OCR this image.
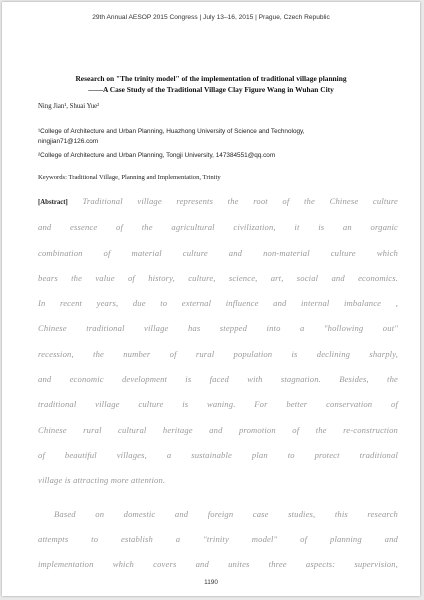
29th Annual AESOP 2015 Congress | July 13–16, 2015 | Prague, Czech Republic
Research on "The trinity model" of the implementation of traditional village planning
——A Case Study of the Traditional Village Clay Figure Wang in Wuhan City
Ning Jian¹, Shuai Yue²
¹College of Architecture and Urban Planning, Huazhong University of Science and Technology,
ningjian71@126.com
²College of Architecture and Urban Planning, Tongji University, 147384551@qq.com
Keywords: Traditional Village, Planning and Implementation, Trinity
[Abstract] Traditional village represents the root of the Chinese culture
and essence of the agricultural civilization, it is an organic
combination of material culture and non-material culture which
bears the value of history, culture, science, art, social and economics.
In recent years, due to external influence and internal imbalance ,
Chinese traditional village has stepped into a "hollowing out"
recession, the number of rural population is declining sharply,
and economic development is faced with stagnation. Besides, the
traditional village culture is waning. For better conservation of
Chinese rural cultural heritage and promotion of the re-construction
of beautiful villages, a sustainable plan to protect traditional
village is attracting more attention.
Based on domestic and foreign case studies, this research
attempts to establish a "trinity model" of planning and
implementation which covers and unites three aspects: supervision,
1190
